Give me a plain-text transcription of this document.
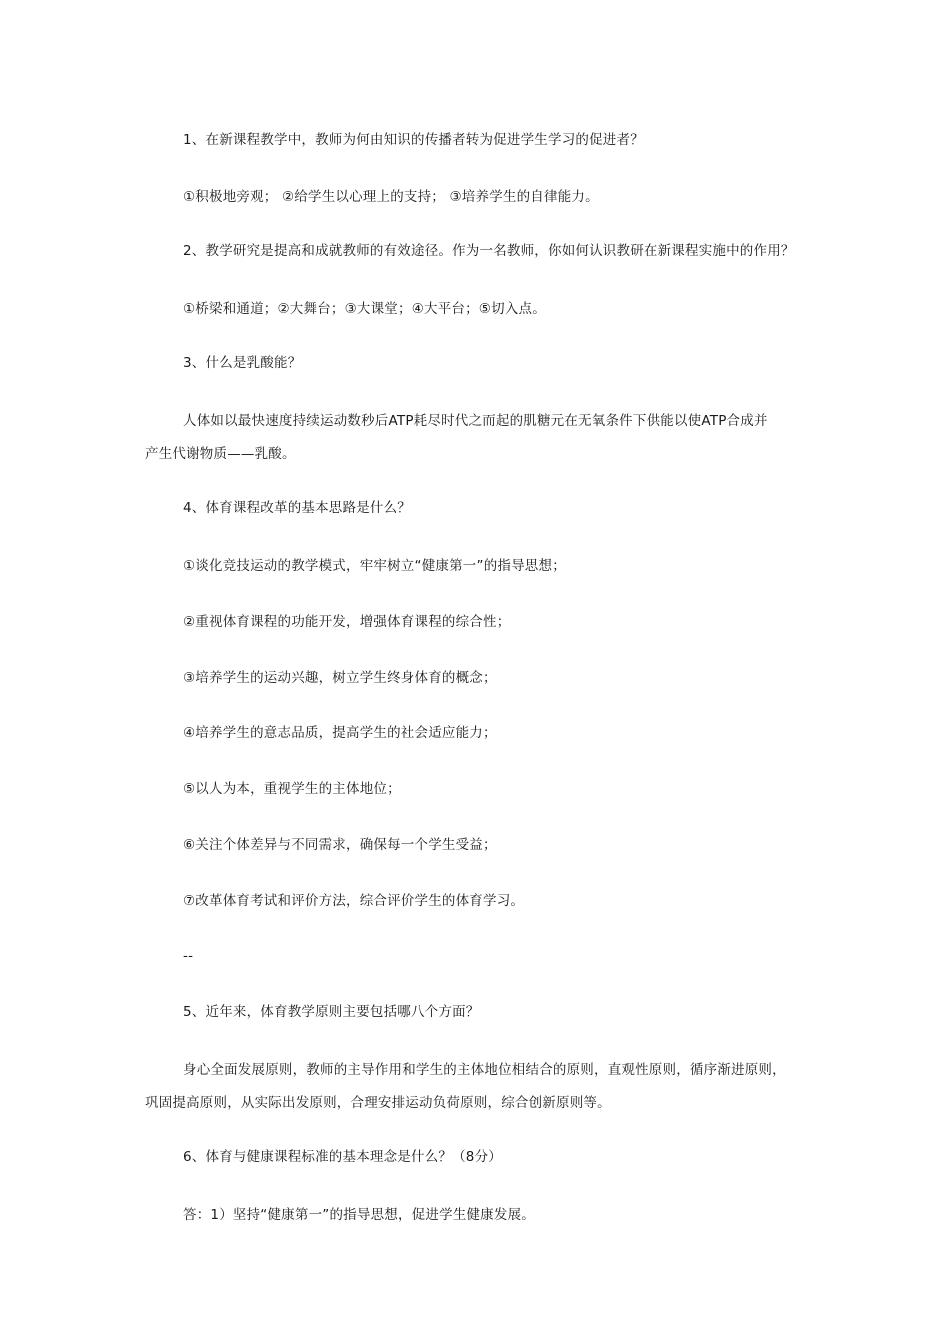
1、在新课程教学中，教师为何由知识的传播者转为促进学生学习的促进者？

①积极地旁观； ②给学生以心理上的支持； ③培养学生的自律能力。

2、教学研究是提高和成就教师的有效途径。作为一名教师，你如何认识教研在新课程实施中的作用？

①桥梁和通道；②大舞台；③大课堂；④大平台；⑤切入点。

3、什么是乳酸能？

人体如以最快速度持续运动数秒后ATP耗尽时代之而起的肌糖元在无氧条件下供能以使ATP合成并

产生代谢物质——乳酸。

4、体育课程改革的基本思路是什么？

①谈化竞技运动的教学模式，牢牢树立“健康第一”的指导思想；

②重视体育课程的功能开发，增强体育课程的综合性；

③培养学生的运动兴趣，树立学生终身体育的概念；

④培养学生的意志品质，提高学生的社会适应能力；

⑤以人为本，重视学生的主体地位；

⑥关注个体差异与不同需求，确保每一个学生受益；

⑦改革体育考试和评价方法，综合评价学生的体育学习。

--

5、近年来，体育教学原则主要包括哪八个方面？

身心全面发展原则，教师的主导作用和学生的主体地位相结合的原则，直观性原则，循序渐进原则，

巩固提高原则，从实际出发原则，合理安排运动负荷原则，综合创新原则等。

6、体育与健康课程标准的基本理念是什么？（8分）

答：1）坚持“健康第一”的指导思想，促进学生健康发展。
